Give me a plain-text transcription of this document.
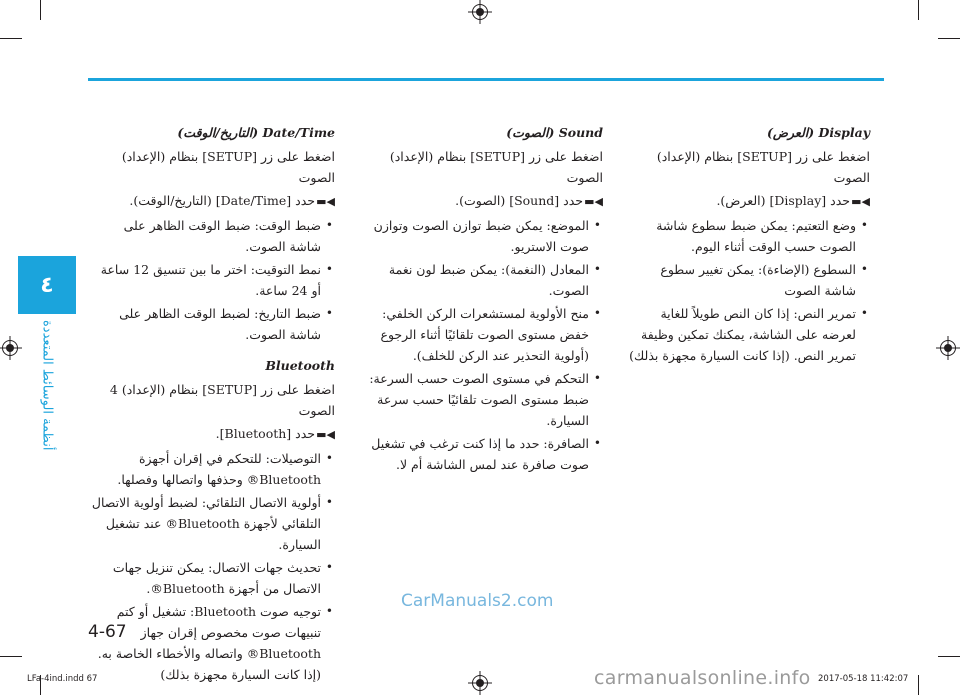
٤
أنظمة الوسائط المتعددة
Display (العرض)
اضغط على زر [SETUP] بنظام (الإعداد) الصوت
◀▬ حدد [Display] (العرض).
•
وضع التعتيم: يمكن ضبط سطوع شاشة الصوت حسب الوقت أثناء اليوم.
•
السطوع (الإضاءة): يمكن تغيير سطوع شاشة الصوت
•
تمرير النص: إذا كان النص طويلاً للغاية لعرضه على الشاشة، يمكنك تمكين وظيفة تمرير النص. (إذا كانت السيارة مجهزة بذلك)
Sound (الصوت)
اضغط على زر [SETUP] بنظام (الإعداد) الصوت
◀▬ حدد [Sound] (الصوت).
•
الموضع: يمكن ضبط توازن الصوت وتوازن صوت الاستريو.
•
المعادل (النغمة): يمكن ضبط لون نغمة الصوت.
•
منح الأولوية لمستشعرات الركن الخلفي: خفض مستوى الصوت تلقائيًا أثناء الرجوع (أولوية التحذير عند الركن للخلف).
•
التحكم في مستوى الصوت حسب السرعة: ضبط مستوى الصوت تلقائيًا حسب سرعة السيارة.
•
الصافرة: حدد ما إذا كنت ترغب في تشغيل صوت صافرة عند لمس الشاشة أم لا.
Date/Time (التاريخ/الوقت)
اضغط على زر [SETUP] بنظام (الإعداد) الصوت
◀▬ حدد [Date/Time] (التاريخ/الوقت).
•
ضبط الوقت: ضبط الوقت الظاهر على شاشة الصوت.
•
نمط التوقيت: اختر ما بين تنسيق 12 ساعة أو 24 ساعة.
•
ضبط التاريخ: لضبط الوقت الظاهر على شاشة الصوت.
Bluetooth
اضغط على زر [SETUP] بنظام (الإعداد) 4 الصوت
◀▬ حدد [Bluetooth].
•
التوصيلات: للتحكم في إقران أجهزة Bluetooth® وحذفها واتصالها وفصلها.
•
أولوية الاتصال التلقائي: لضبط أولوية الاتصال التلقائي لأجهزة Bluetooth® عند تشغيل السيارة.
•
تحديث جهات الاتصال: يمكن تنزيل جهات الاتصال من أجهزة Bluetooth®.
•
توجيه صوت Bluetooth: تشغيل أو كتم تنبيهات صوت مخصوص إقران جهاز Bluetooth® واتصاله والأخطاء الخاصة به. (إذا كانت السيارة مجهزة بذلك)
CarManuals2.com
4-67
LFa-4ind.indd 67	2017-05-18 11:42:07
carmanualsonline.info
